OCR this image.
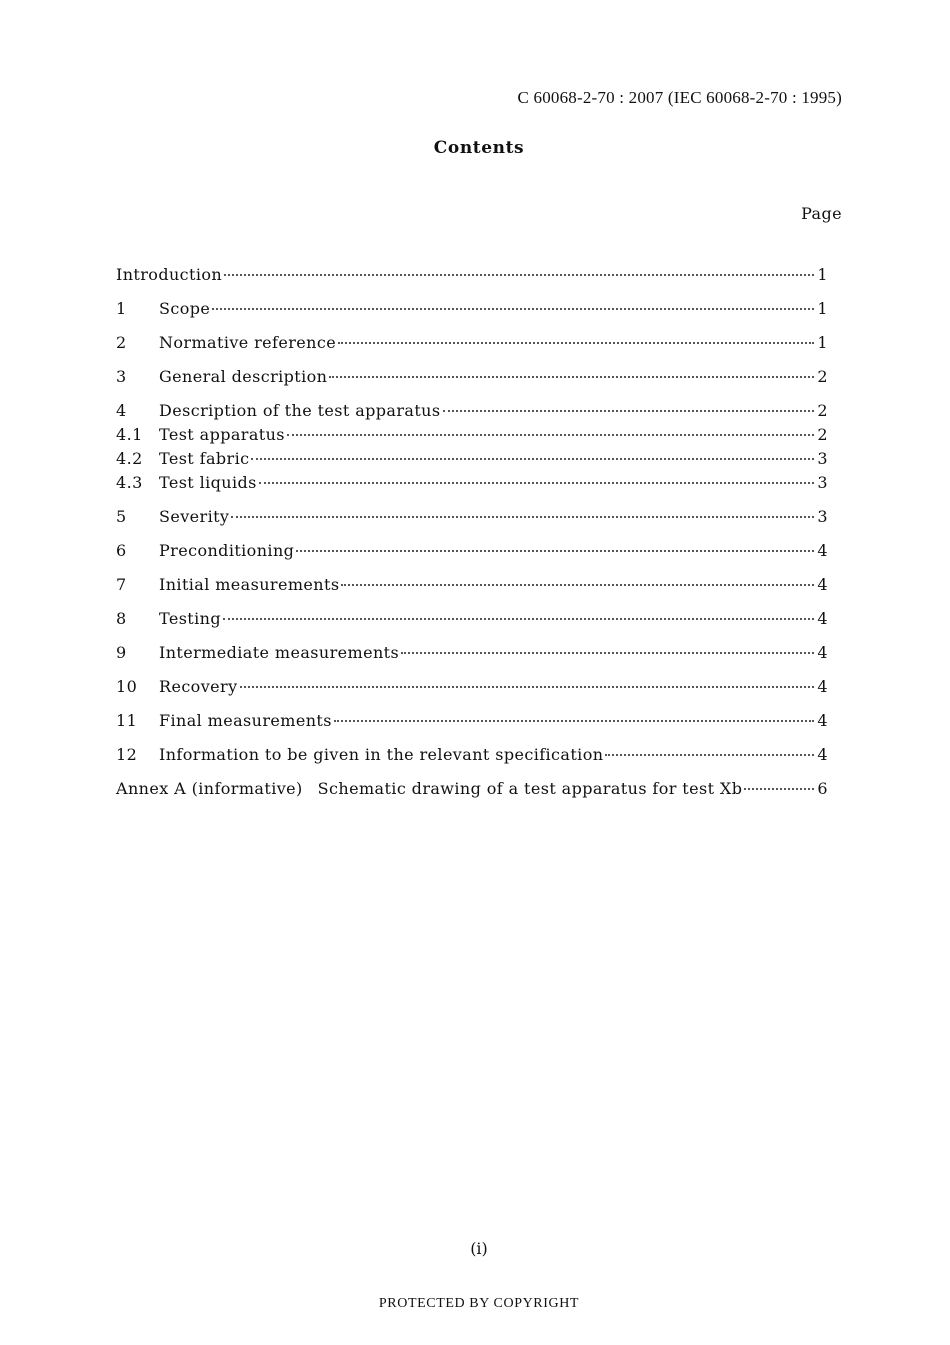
C 60068-2-70 : 2007 (IEC 60068-2-70 : 1995)
Contents
Page
Introduction	1
1	Scope	1
2	Normative reference	1
3	General description	2
4	Description of the test apparatus	2
4.1	Test apparatus	2
4.2	Test fabric	3
4.3	Test liquids	3
5	Severity	3
6	Preconditioning	4
7	Initial measurements	4
8	Testing	4
9	Intermediate measurements	4
10	Recovery	4
11	Final measurements	4
12	Information to be given in the relevant specification	4
Annex A (informative) Schematic drawing of a test apparatus for test Xb	6
(i)
PROTECTED BY COPYRIGHT
